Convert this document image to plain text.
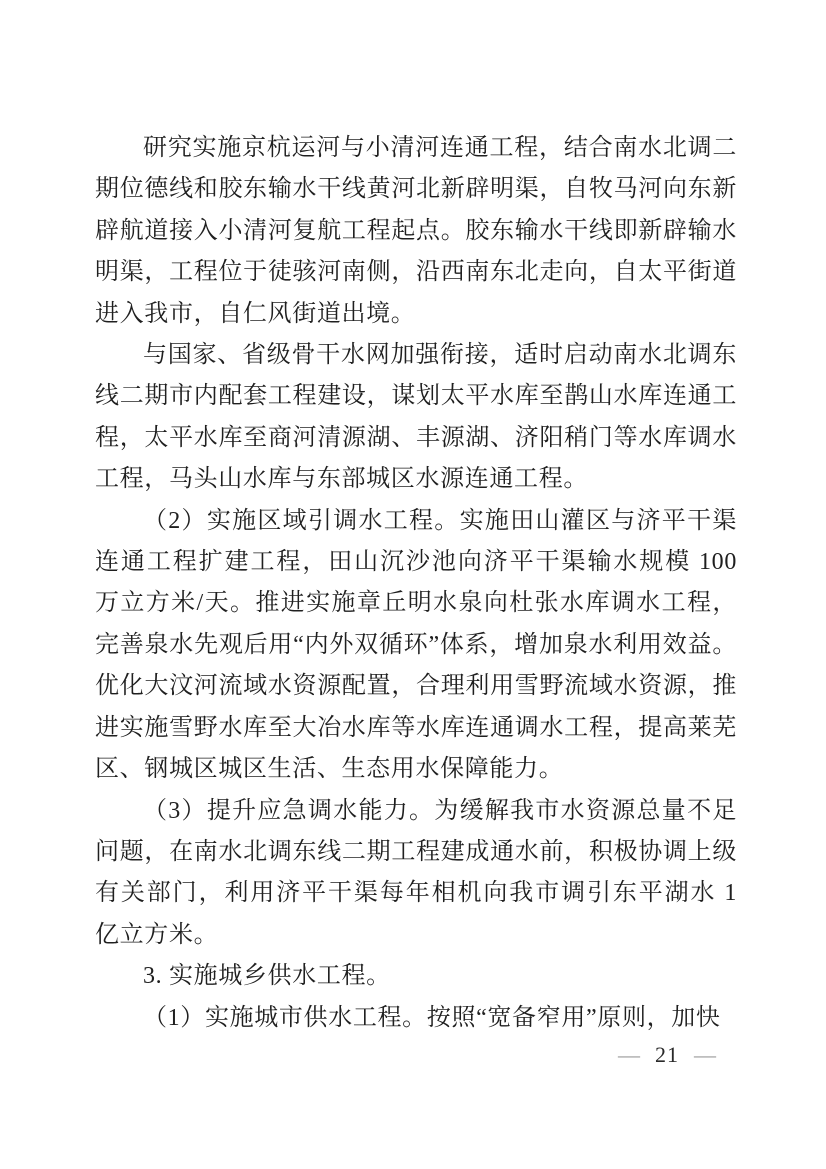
研究实施京杭运河与小清河连通工程，结合南水北调二期位德线和胶东输水干线黄河北新辟明渠，自牧马河向东新辟航道接入小清河复航工程起点。胶东输水干线即新辟输水明渠，工程位于徒骇河南侧，沿西南东北走向，自太平街道进入我市，自仁风街道出境。

与国家、省级骨干水网加强衔接，适时启动南水北调东线二期市内配套工程建设，谋划太平水库至鹊山水库连通工程，太平水库至商河清源湖、丰源湖、济阳稍门等水库调水工程，马头山水库与东部城区水源连通工程。

（2）实施区域引调水工程。实施田山灌区与济平干渠连通工程扩建工程，田山沉沙池向济平干渠输水规模 100 万立方米/天。推进实施章丘明水泉向杜张水库调水工程，完善泉水先观后用“内外双循环”体系，增加泉水利用效益。优化大汶河流域水资源配置，合理利用雪野流域水资源，推进实施雪野水库至大冶水库等水库连通调水工程，提高莱芜区、钢城区城区生活、生态用水保障能力。

（3）提升应急调水能力。为缓解我市水资源总量不足问题，在南水北调东线二期工程建成通水前，积极协调上级有关部门，利用济平干渠每年相机向我市调引东平湖水 1 亿立方米。

3. 实施城乡供水工程。

（1）实施城市供水工程。按照“宽备窄用”原则，加快

— 21 —
